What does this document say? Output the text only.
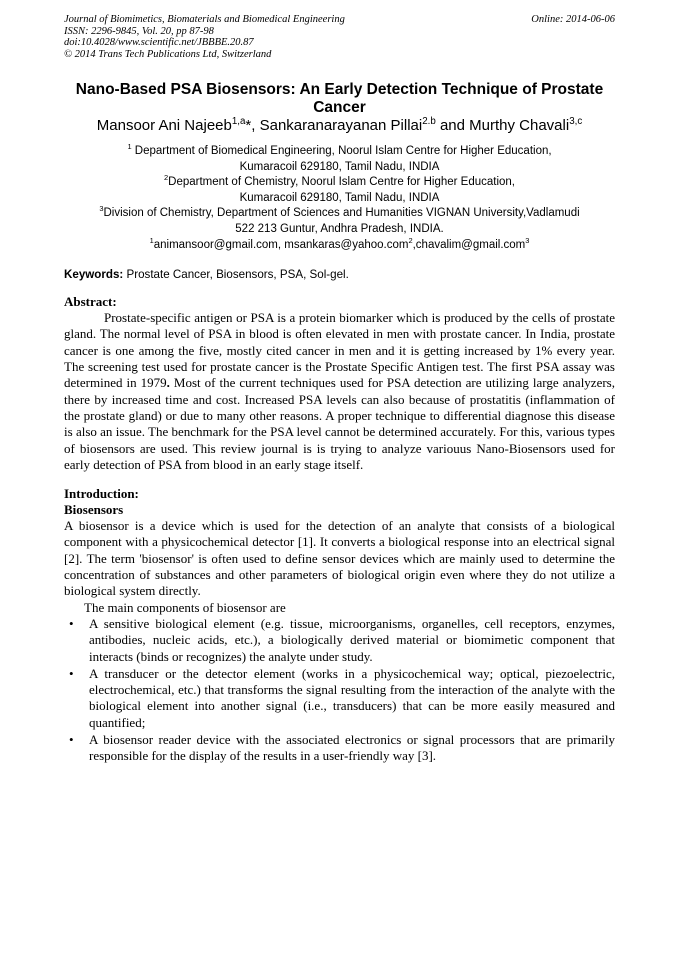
Journal of Biomimetics, Biomaterials and Biomedical Engineering
ISSN: 2296-9845, Vol. 20, pp 87-98
doi:10.4028/www.scientific.net/JBBBE.20.87
© 2014 Trans Tech Publications Ltd, Switzerland
Online: 2014-06-06
Nano-Based PSA Biosensors: An Early Detection Technique of Prostate Cancer
Mansoor Ani Najeeb$^{1,a}$*, Sankaranarayanan Pillai$^{2.b}$ and Murthy Chavali$^{3,c}$
$^1$ Department of Biomedical Engineering, Noorul Islam Centre for Higher Education,
Kumaracoil 629180, Tamil Nadu, INDIA
$^2$Department of Chemistry, Noorul Islam Centre for Higher Education,
Kumaracoil 629180, Tamil Nadu, INDIA
$^3$Division of Chemistry, Department of Sciences and Humanities VIGNAN University,Vadlamudi
522 213 Guntur, Andhra Pradesh, INDIA.
$^1$animansoor@gmail.com, msankaras@yahoo.com$^2$,chavalim@gmail.com$^3$
Keywords: Prostate Cancer, Biosensors, PSA, Sol-gel.
Abstract:

Prostate-specific antigen or PSA is a protein biomarker which is produced by the cells of prostate gland. The normal level of PSA in blood is often elevated in men with prostate cancer. In India, prostate cancer is one among the five, mostly cited cancer in men and it is getting increased by 1% every year. The screening test used for prostate cancer is the Prostate Specific Antigen test. The first PSA assay was determined in 1979. Most of the current techniques used for PSA detection are utilizing large analyzers, there by increased time and cost. Increased PSA levels can also because of prostatitis (inflammation of the prostate gland) or due to many other reasons. A proper technique to differential diagnose this disease is also an issue. The benchmark for the PSA level cannot be determined accurately. For this, various types of biosensors are used. This review journal is is trying to analyze variouus Nano-Biosensors used for early detection of PSA from blood in an early stage itself.

Introduction:
Biosensors

A biosensor is a device which is used for the detection of an analyte that consists of a biological component with a physicochemical detector [1]. It converts a biological response into an electrical signal [2]. The term 'biosensor' is often used to define sensor devices which are mainly used to determine the concentration of substances and other parameters of biological origin even where they do not utilize a biological system directly.

The main components of biosensor are

• A sensitive biological element (e.g. tissue, microorganisms, organelles, cell receptors, enzymes, antibodies, nucleic acids, etc.), a biologically derived material or biomimetic component that interacts (binds or recognizes) the analyte under study.
• A transducer or the detector element (works in a physicochemical way; optical, piezoelectric, electrochemical, etc.) that transforms the signal resulting from the interaction of the analyte with the biological element into another signal (i.e., transducers) that can be more easily measured and quantified;
• A biosensor reader device with the associated electronics or signal processors that are primarily responsible for the display of the results in a user-friendly way [3].
